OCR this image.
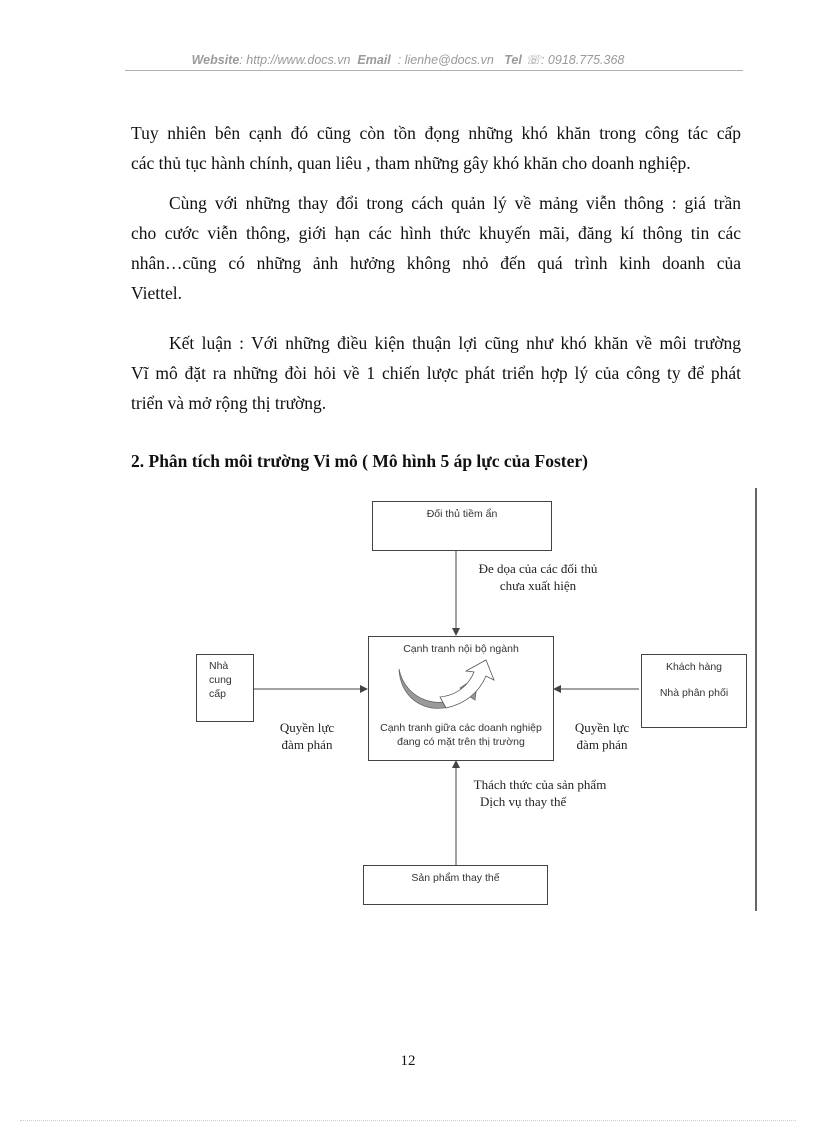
Website: http://www.docs.vn Email : lienhe@docs.vn Tel ☏: 0918.775.368
Tuy nhiên bên cạnh đó cũng còn tồn đọng những khó khăn trong công tác cấp
các thủ tục hành chính, quan liêu , tham những gây khó khăn cho doanh nghiệp.
Cùng với những thay đổi trong cách quản lý về mảng viễn thông : giá trần
cho cước viễn thông, giới hạn các hình thức khuyến mãi, đăng kí thông tin các
nhân…cũng có những ảnh hưởng không nhỏ đến quá trình kinh doanh của
Viettel.
Kết luận : Với những điều kiện thuận lợi cũng như khó khăn về môi trường
Vĩ mô đặt ra những đòi hỏi về 1 chiến lược phát triển hợp lý của công ty để phát
triển và mở rộng thị trường.
2. Phân tích môi trường Vi mô ( Mô hình 5 áp lực của Foster)
Đối thủ tiềm ẩn
Đe dọa của các đối thủ
chưa xuất hiện
Cạnh tranh nội bộ ngành
Cạnh tranh giữa các doanh nghiệp
đang có mặt trên thị trường
Nhà
cung
cấp
Quyền lực
đàm phán
Khách hàng
Nhà phân phối
Quyền lực
đàm phán
Thách thức của sản phẩm
Dịch vụ thay thế
Sản phẩm thay thế
12
